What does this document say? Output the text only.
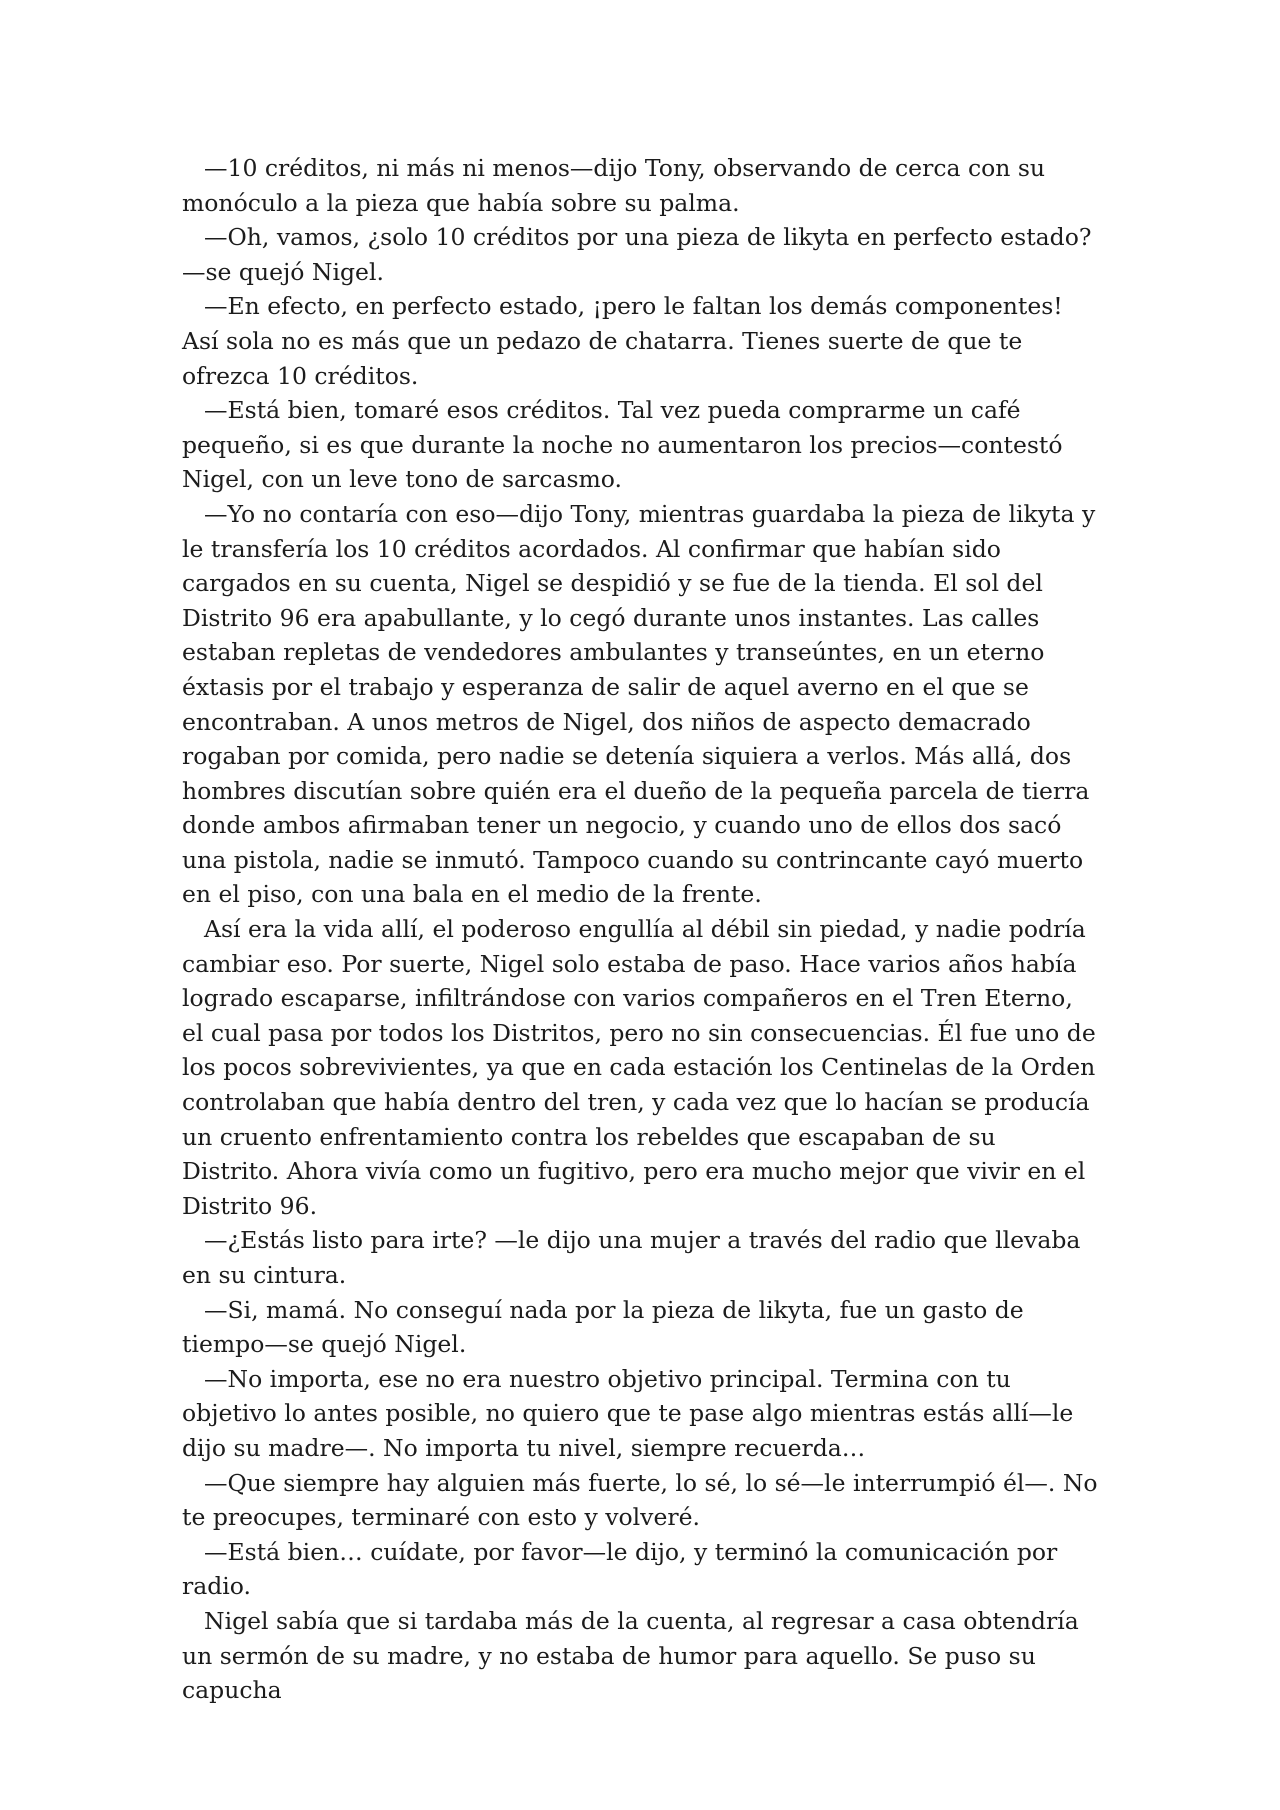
—10 créditos, ni más ni menos—dijo Tony, observando de cerca con su monóculo a la pieza que había sobre su palma.

—Oh, vamos, ¿solo 10 créditos por una pieza de likyta en perfecto estado? —se quejó Nigel.

—En efecto, en perfecto estado, ¡pero le faltan los demás componentes! Así sola no es más que un pedazo de chatarra. Tienes suerte de que te ofrezca 10 créditos.

—Está bien, tomaré esos créditos. Tal vez pueda comprarme un café pequeño, si es que durante la noche no aumentaron los precios—contestó Nigel, con un leve tono de sarcasmo.

—Yo no contaría con eso—dijo Tony, mientras guardaba la pieza de likyta y le transfería los 10 créditos acordados. Al confirmar que habían sido cargados en su cuenta, Nigel se despidió y se fue de la tienda. El sol del Distrito 96 era apabullante, y lo cegó durante unos instantes. Las calles estaban repletas de vendedores ambulantes y transeúntes, en un eterno éxtasis por el trabajo y esperanza de salir de aquel averno en el que se encontraban. A unos metros de Nigel, dos niños de aspecto demacrado rogaban por comida, pero nadie se detenía siquiera a verlos. Más allá, dos hombres discutían sobre quién era el dueño de la pequeña parcela de tierra donde ambos afirmaban tener un negocio, y cuando uno de ellos dos sacó una pistola, nadie se inmutó. Tampoco cuando su contrincante cayó muerto en el piso, con una bala en el medio de la frente.

Así era la vida allí, el poderoso engullía al débil sin piedad, y nadie podría cambiar eso. Por suerte, Nigel solo estaba de paso. Hace varios años había logrado escaparse, infiltrándose con varios compañeros en el Tren Eterno, el cual pasa por todos los Distritos, pero no sin consecuencias. Él fue uno de los pocos sobrevivientes, ya que en cada estación los Centinelas de la Orden controlaban que había dentro del tren, y cada vez que lo hacían se producía un cruento enfrentamiento contra los rebeldes que escapaban de su Distrito. Ahora vivía como un fugitivo, pero era mucho mejor que vivir en el Distrito 96.

—¿Estás listo para irte? —le dijo una mujer a través del radio que llevaba en su cintura.

—Si, mamá. No conseguí nada por la pieza de likyta, fue un gasto de tiempo—se quejó Nigel.

—No importa, ese no era nuestro objetivo principal. Termina con tu objetivo lo antes posible, no quiero que te pase algo mientras estás allí—le dijo su madre—. No importa tu nivel, siempre recuerda…

—Que siempre hay alguien más fuerte, lo sé, lo sé—le interrumpió él—. No te preocupes, terminaré con esto y volveré.

—Está bien… cuídate, por favor—le dijo, y terminó la comunicación por radio.

Nigel sabía que si tardaba más de la cuenta, al regresar a casa obtendría un sermón de su madre, y no estaba de humor para aquello. Se puso su capucha
